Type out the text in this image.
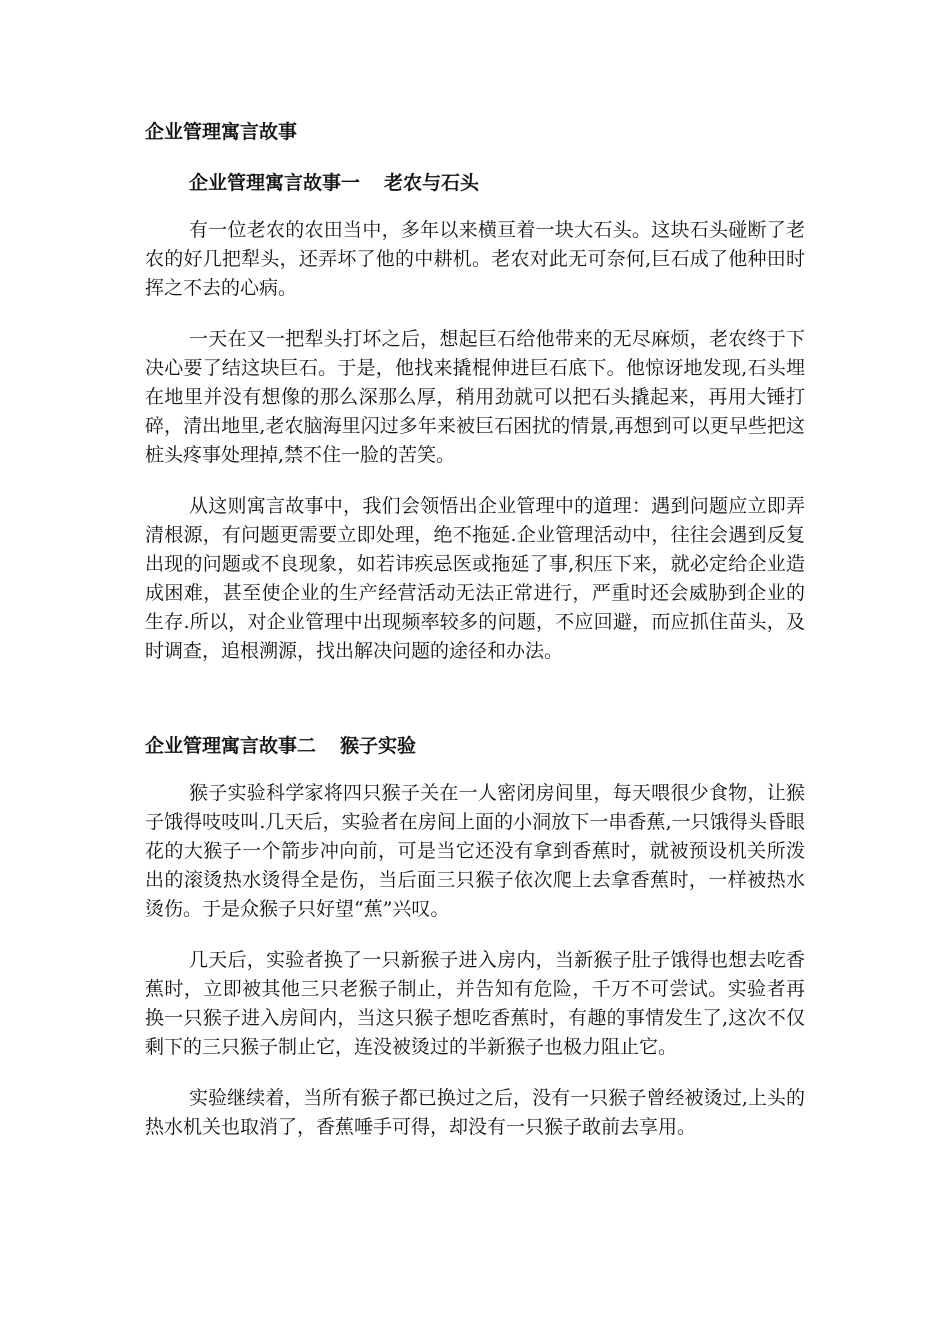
企业管理寓言故事
企业管理寓言故事一 老农与石头

有一位老农的农田当中，多年以来横亘着一块大石头。这块石头碰断了老农的好几把犁头，还弄坏了他的中耕机。老农对此无可奈何,巨石成了他种田时挥之不去的心病。

一天在又一把犁头打坏之后，想起巨石给他带来的无尽麻烦，老农终于下决心要了结这块巨石。于是，他找来撬棍伸进巨石底下。他惊讶地发现,石头埋在地里并没有想像的那么深那么厚，稍用劲就可以把石头撬起来，再用大锤打碎，清出地里,老农脑海里闪过多年来被巨石困扰的情景,再想到可以更早些把这桩头疼事处理掉,禁不住一脸的苦笑。

从这则寓言故事中，我们会领悟出企业管理中的道理：遇到问题应立即弄清根源，有问题更需要立即处理，绝不拖延.企业管理活动中，往往会遇到反复出现的问题或不良现象，如若讳疾忌医或拖延了事,积压下来，就必定给企业造成困难，甚至使企业的生产经营活动无法正常进行，严重时还会威胁到企业的生存.所以，对企业管理中出现频率较多的问题，不应回避，而应抓住苗头，及时调查，追根溯源，找出解决问题的途径和办法。

企业管理寓言故事二 猴子实验

猴子实验科学家将四只猴子关在一人密闭房间里，每天喂很少食物，让猴子饿得吱吱叫.几天后，实验者在房间上面的小洞放下一串香蕉,一只饿得头昏眼花的大猴子一个箭步冲向前，可是当它还没有拿到香蕉时，就被预设机关所泼出的滚烫热水烫得全是伤，当后面三只猴子依次爬上去拿香蕉时，一样被热水烫伤。于是众猴子只好望“蕉”兴叹。

几天后，实验者换了一只新猴子进入房内，当新猴子肚子饿得也想去吃香蕉时，立即被其他三只老猴子制止，并告知有危险，千万不可尝试。实验者再换一只猴子进入房间内，当这只猴子想吃香蕉时，有趣的事情发生了,这次不仅剩下的三只猴子制止它，连没被烫过的半新猴子也极力阻止它。

实验继续着，当所有猴子都已换过之后，没有一只猴子曾经被烫过,上头的热水机关也取消了，香蕉唾手可得，却没有一只猴子敢前去享用。
